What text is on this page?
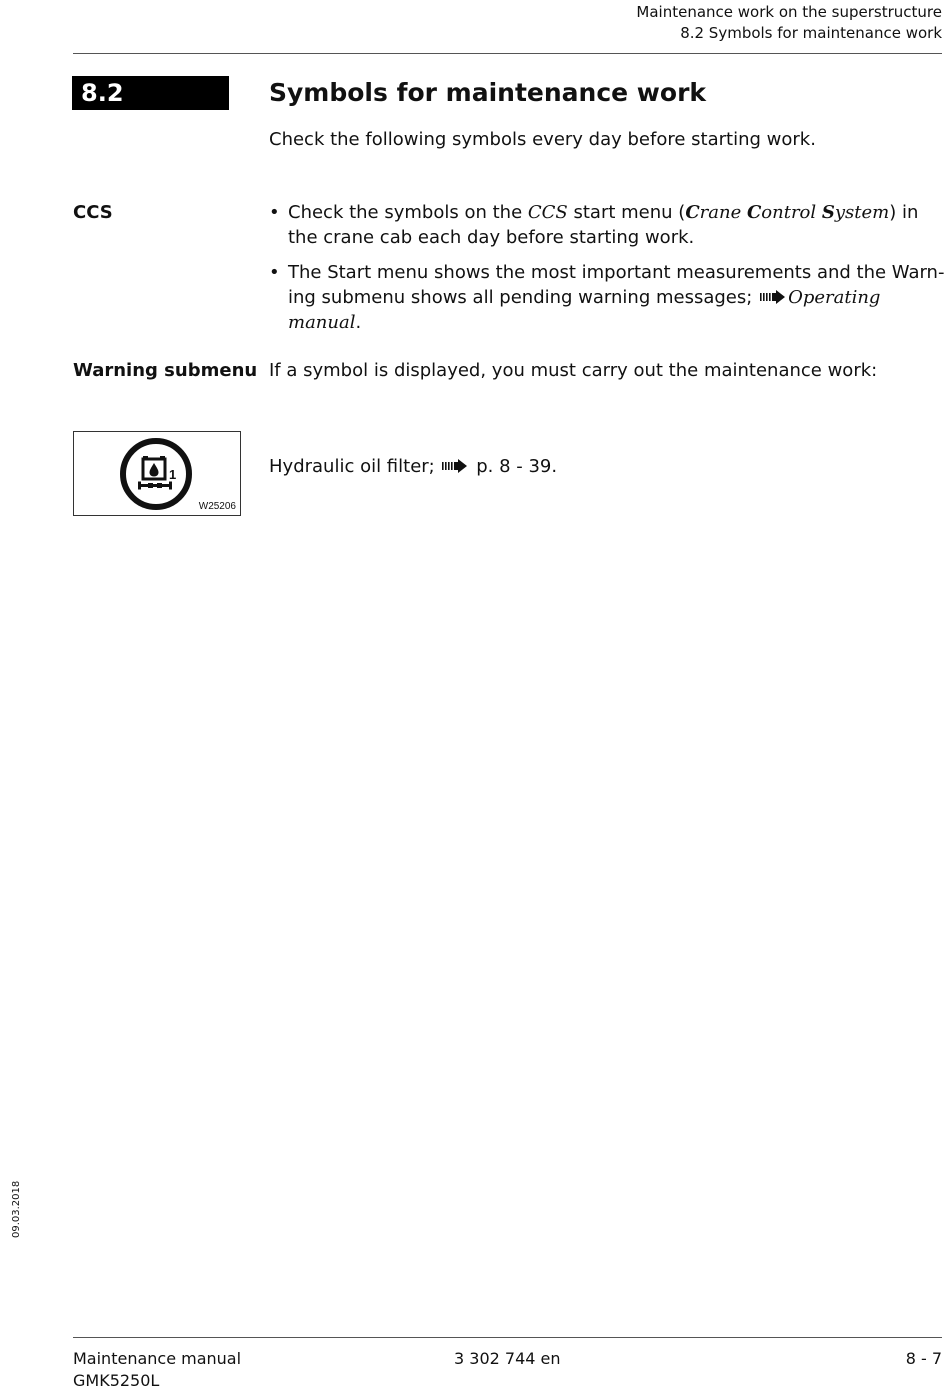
Maintenance work on the superstructure
8.2 Symbols for maintenance work
8.2	Symbols for maintenance work
Check the following symbols every day before starting work.
CCS	• Check the symbols on the CCS start menu (Crane Control System) in the crane cab each day before starting work.
• The Start menu shows the most important measurements and the Warn-ing submenu shows all pending warning messages; Operating manual.
Warning submenu If a symbol is displayed, you must carry out the maintenance work:
1
W25206
Hydraulic oil filter; p. 8 - 39.
09.03.2018
Maintenance manual
GMK5250L
3 302 744 en	8 - 7
